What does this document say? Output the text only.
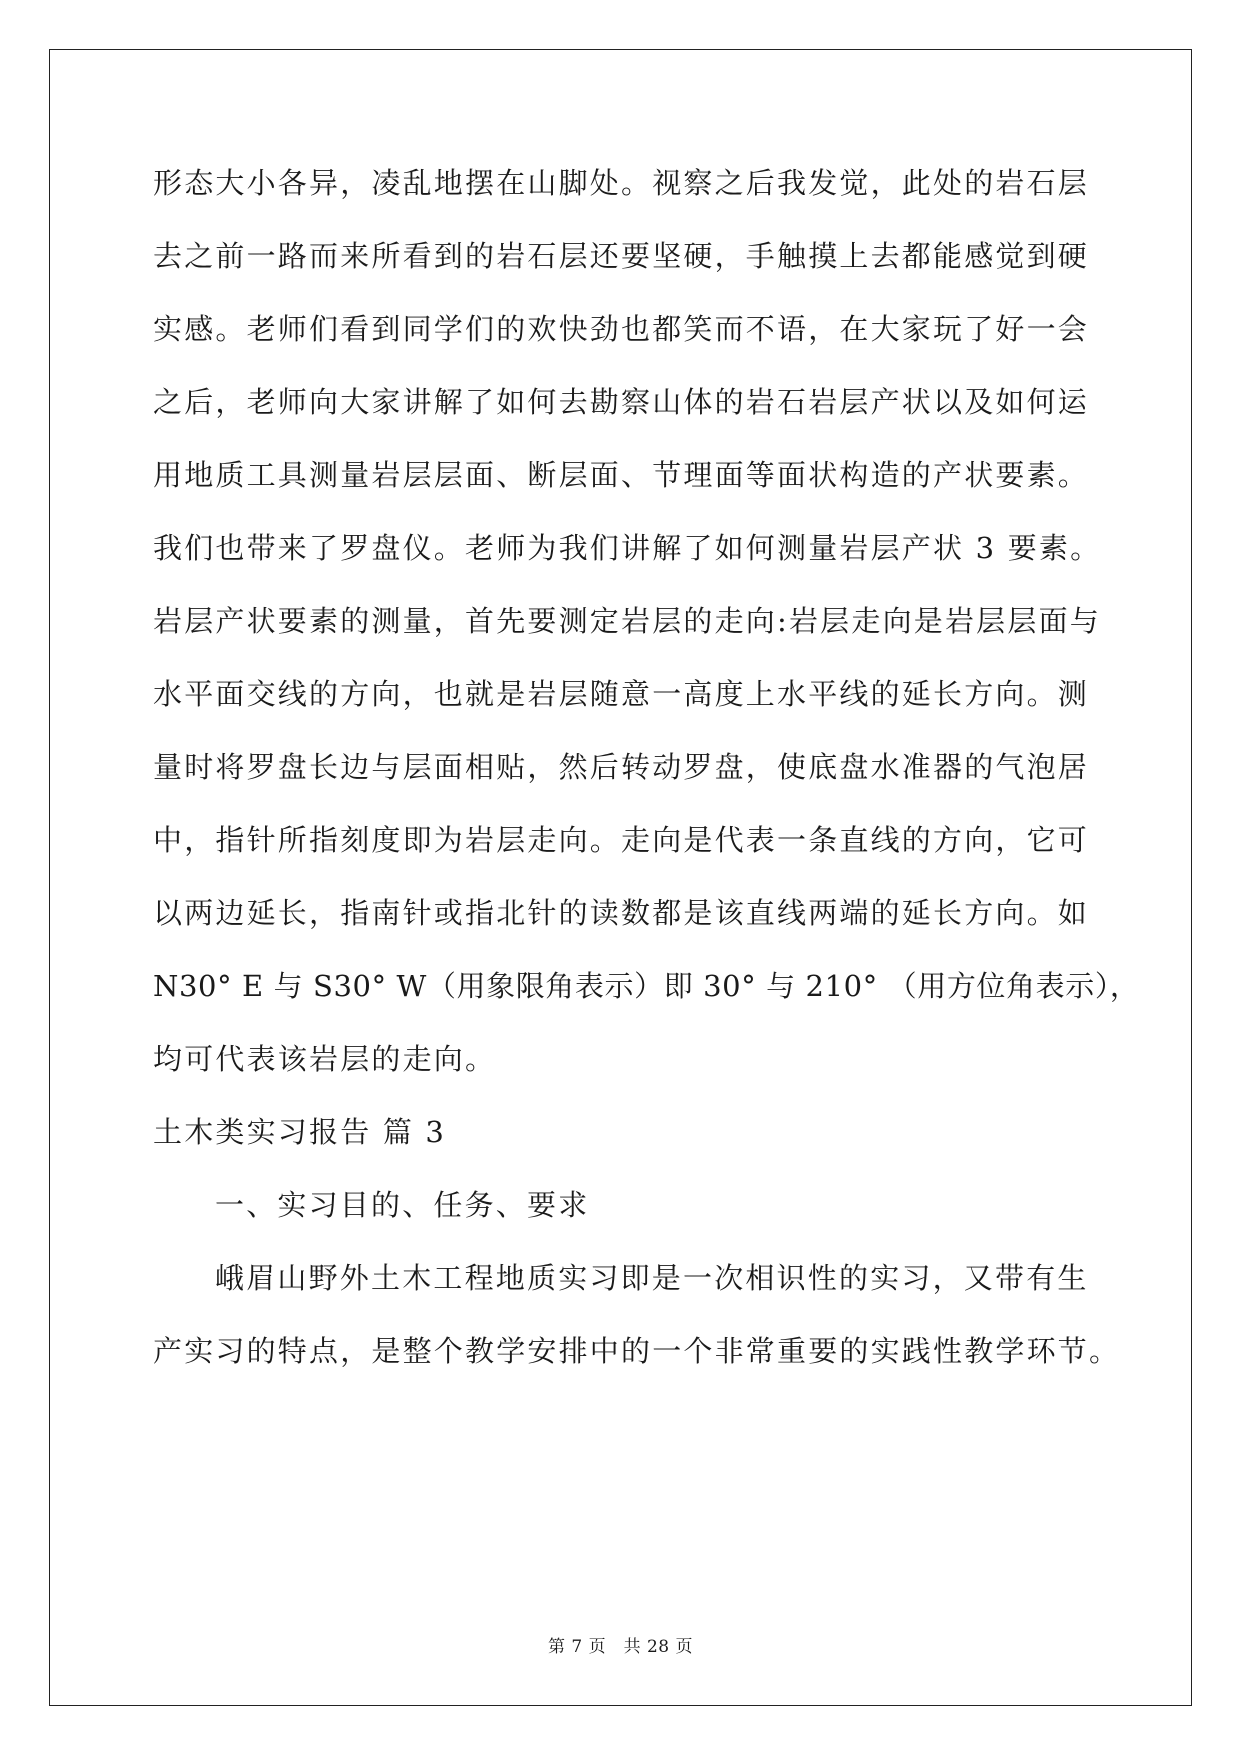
形态大小各异，凌乱地摆在山脚处。视察之后我发觉，此处的岩石层
去之前一路而来所看到的岩石层还要坚硬，手触摸上去都能感觉到硬
实感。老师们看到同学们的欢快劲也都笑而不语，在大家玩了好一会
之后，老师向大家讲解了如何去勘察山体的岩石岩层产状以及如何运
用地质工具测量岩层层面、断层面、节理面等面状构造的产状要素。
我们也带来了罗盘仪。老师为我们讲解了如何测量岩层产状 3 要素。
岩层产状要素的测量，首先要测定岩层的走向:岩层走向是岩层层面与
水平面交线的方向，也就是岩层随意一高度上水平线的延长方向。测
量时将罗盘长边与层面相贴，然后转动罗盘，使底盘水准器的气泡居
中，指针所指刻度即为岩层走向。走向是代表一条直线的方向，它可
以两边延长，指南针或指北针的读数都是该直线两端的延长方向。如
N30° E 与 S30° W（用象限角表示）即 30° 与 210° （用方位角表示），
均可代表该岩层的走向。
土木类实习报告 篇 3
一、实习目的、任务、要求
峨眉山野外土木工程地质实习即是一次相识性的实习，又带有生
产实习的特点，是整个教学安排中的一个非常重要的实践性教学环节。
第 7 页　共 28 页
